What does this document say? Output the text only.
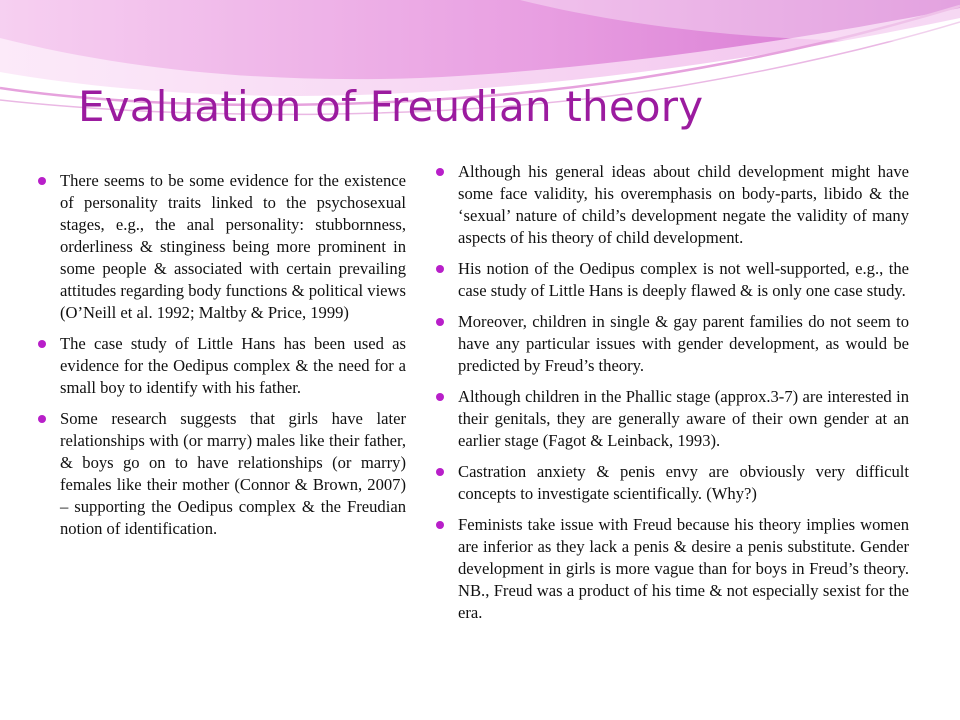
Evaluation of Freudian theory
There seems to be some evidence for the existence of personality traits linked to the psychosexual stages, e.g., the anal personality: stubbornness, orderliness & stinginess being more prominent in some people & associated with certain prevailing attitudes regarding body functions & political views (O’Neill et al. 1992; Maltby & Price, 1999)
The case study of Little Hans has been used as evidence for the Oedipus complex & the need for a small boy to identify with his father.
Some research suggests that girls have later relationships with (or marry) males like their father, & boys go on to have relationships (or marry) females like their mother (Connor & Brown, 2007) – supporting the Oedipus complex & the Freudian notion of identification.
Although his general ideas about child development might have some face validity, his overemphasis on body-parts, libido & the ‘sexual’ nature of child’s development negate the validity of many aspects of his theory of child development.
His notion of the Oedipus complex is not well-supported, e.g., the case study of Little Hans is deeply flawed & is only one case study.
Moreover, children in single & gay parent families do not seem to have any particular issues with gender development, as would be predicted by Freud’s theory.
Although children in the Phallic stage (approx.3-7) are interested in their genitals, they are generally aware of their own gender at an earlier stage (Fagot & Leinback, 1993).
Castration anxiety & penis envy are obviously very difficult concepts to investigate scientifically. (Why?)
Feminists take issue with Freud because his theory implies women are inferior as they lack a penis & desire a penis substitute. Gender development in girls is more vague than for boys in Freud’s theory. NB., Freud was a product of his time & not especially sexist for the era.
